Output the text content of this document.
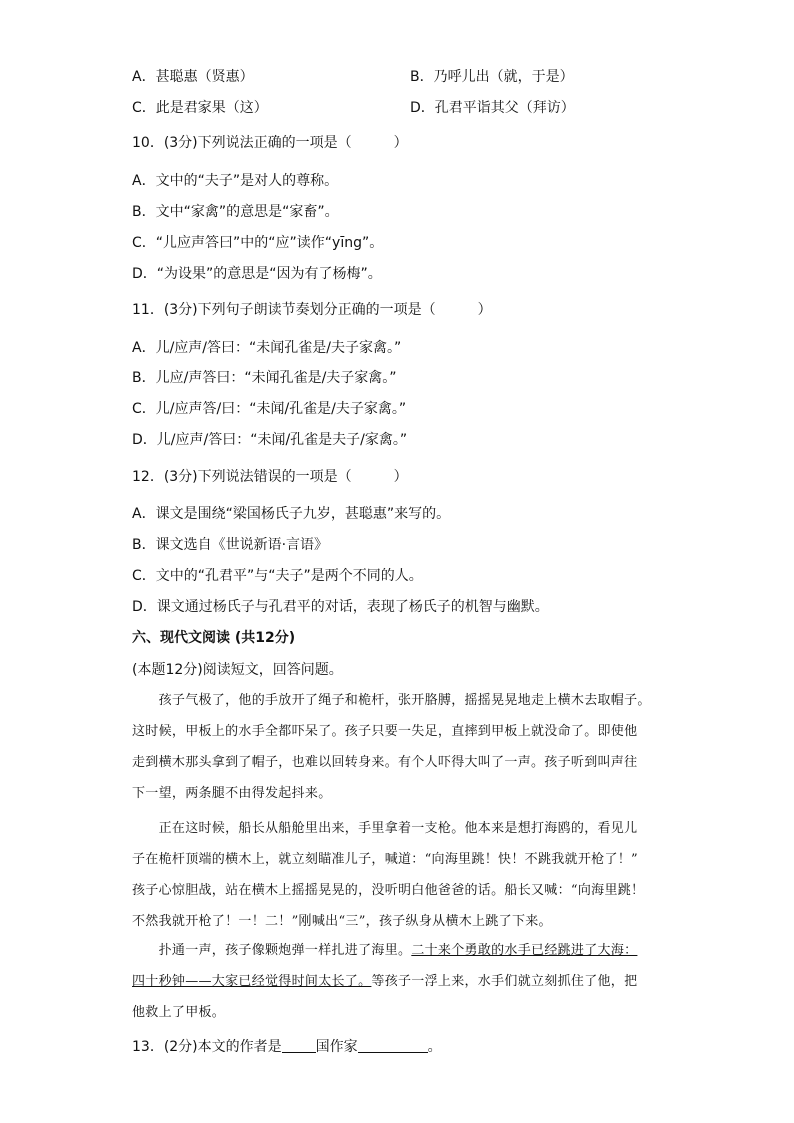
A．甚聪惠（贤惠）	B．乃呼儿出（就，于是）
C．此是君家果（这）	D．孔君平诣其父（拜访）
10．(3分)下列说法正确的一项是（　　　）
A．文中的“夫子”是对人的尊称。
B．文中“家禽”的意思是“家畜”。
C．“儿应声答曰”中的“应”读作“yīng”。
D．“为设果”的意思是“因为有了杨梅”。
11．(3分)下列句子朗读节奏划分正确的一项是（　　　）
A．儿/应声/答曰：“未闻孔雀是/夫子家禽。”
B．儿应/声答曰：“未闻孔雀是/夫子家禽。”
C．儿/应声答/曰：“未闻/孔雀是/夫子家禽。”
D．儿/应声/答曰：“未闻/孔雀是夫子/家禽。”
12．(3分)下列说法错误的一项是（　　　）
A．课文是围绕“梁国杨氏子九岁，甚聪惠”来写的。
B．课文选自《世说新语·言语》
C．文中的“孔君平”与“夫子”是两个不同的人。
D．课文通过杨氏子与孔君平的对话，表现了杨氏子的机智与幽默。
六、现代文阅读 (共12分)
(本题12分)阅读短文，回答问题。
　　孩子气极了，他的手放开了绳子和桅杆，张开胳膊，摇摇晃晃地走上横木去取帽子。
这时候，甲板上的水手全都吓呆了。孩子只要一失足，直摔到甲板上就没命了。即使他
走到横木那头拿到了帽子，也难以回转身来。有个人吓得大叫了一声。孩子听到叫声往
下一望，两条腿不由得发起抖来。
　　正在这时候，船长从船舱里出来，手里拿着一支枪。他本来是想打海鸥的，看见儿
子在桅杆顶端的横木上，就立刻瞄准儿子，喊道：“向海里跳！快！不跳我就开枪了！”
孩子心惊胆战，站在横木上摇摇晃晃的，没听明白他爸爸的话。船长又喊：“向海里跳！
不然我就开枪了！一！二！”刚喊出“三”，孩子纵身从横木上跳了下来。
　　扑通一声，孩子像颗炮弹一样扎进了海里。二十来个勇敢的水手已经跳进了大海：
四十秒钟——大家已经觉得时间太长了。等孩子一浮上来，水手们就立刻抓住了他，把
他救上了甲板。
13．(2分)本文的作者是 国作家	。
